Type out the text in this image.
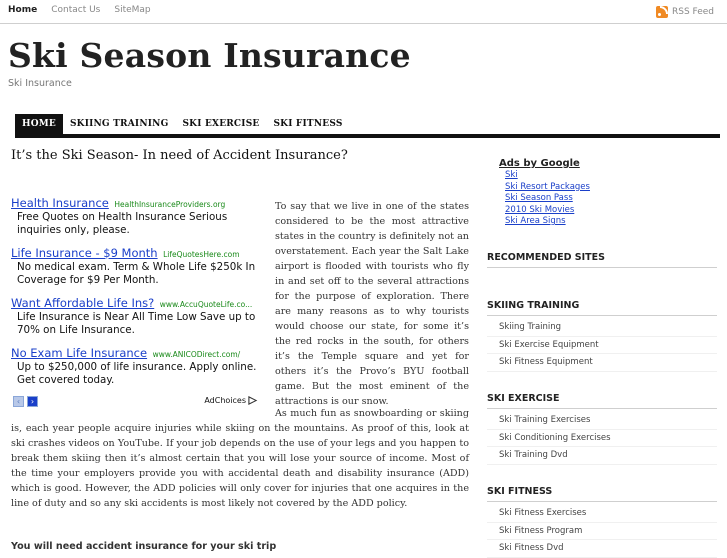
Home Contact Us SiteMap	RSS Feed
Ski Season Insurance
Ski Insurance
HOME	SKIING TRAINING	SKI EXERCISE	SKI FITNESS
It’s the Ski Season- In need of Accident Insurance?

To say that we live in one of the states considered to be the most attractive states in the country is definitely not an overstatement. Each year the Salt Lake airport is flooded with tourists who fly in and set off to the several attractions for the purpose of exploration. There are many reasons as to why tourists would choose our state, for some it’s the red rocks in the south, for others it’s the Temple square and yet for others it’s the Provo’s BYU football game. But the most eminent of the attractions is our snow.

As much fun as snowboarding or skiing is, each year people acquire injuries while skiing on the mountains. As proof of this, look at ski crashes videos on YouTube. If your job depends on the use of your legs and you happen to break them skiing then it’s almost certain that you will lose your source of income. Most of the time your employers provide you with accidental death and disability insurance (ADD) which is good. However, the ADD policies will only cover for injuries that one acquires in the line of duty and so any ski accidents is most likely not covered by the ADD policy.

You will need accident insurance for your ski trip

Health Insurance HealthInsuranceProviders.org
Free Quotes on Health Insurance Serious inquiries only, please.
Life Insurance - $9 Month LifeQuotesHere.com
No medical exam. Term & Whole Life $250k In Coverage for $9 Per Month.
Want Affordable Life Ins? www.AccuQuoteLife.co...
Life Insurance is Near All Time Low Save up to 70% on Life Insurance.
No Exam Life Insurance www.ANICODirect.com/
Up to $250,000 of life insurance. Apply online. Get covered today.
‹	›	AdChoices
Ads by Google
Ski
Ski Resort Packages
Ski Season Pass
2010 Ski Movies
Ski Area Signs
RECOMMENDED SITES
SKIING TRAINING
Skiing Training
Ski Exercise Equipment
Ski Fitness Equipment
SKI EXERCISE
Ski Training Exercises
Ski Conditioning Exercises
Ski Training Dvd
SKI FITNESS
Ski Fitness Exercises
Ski Fitness Program
Ski Fitness Dvd
